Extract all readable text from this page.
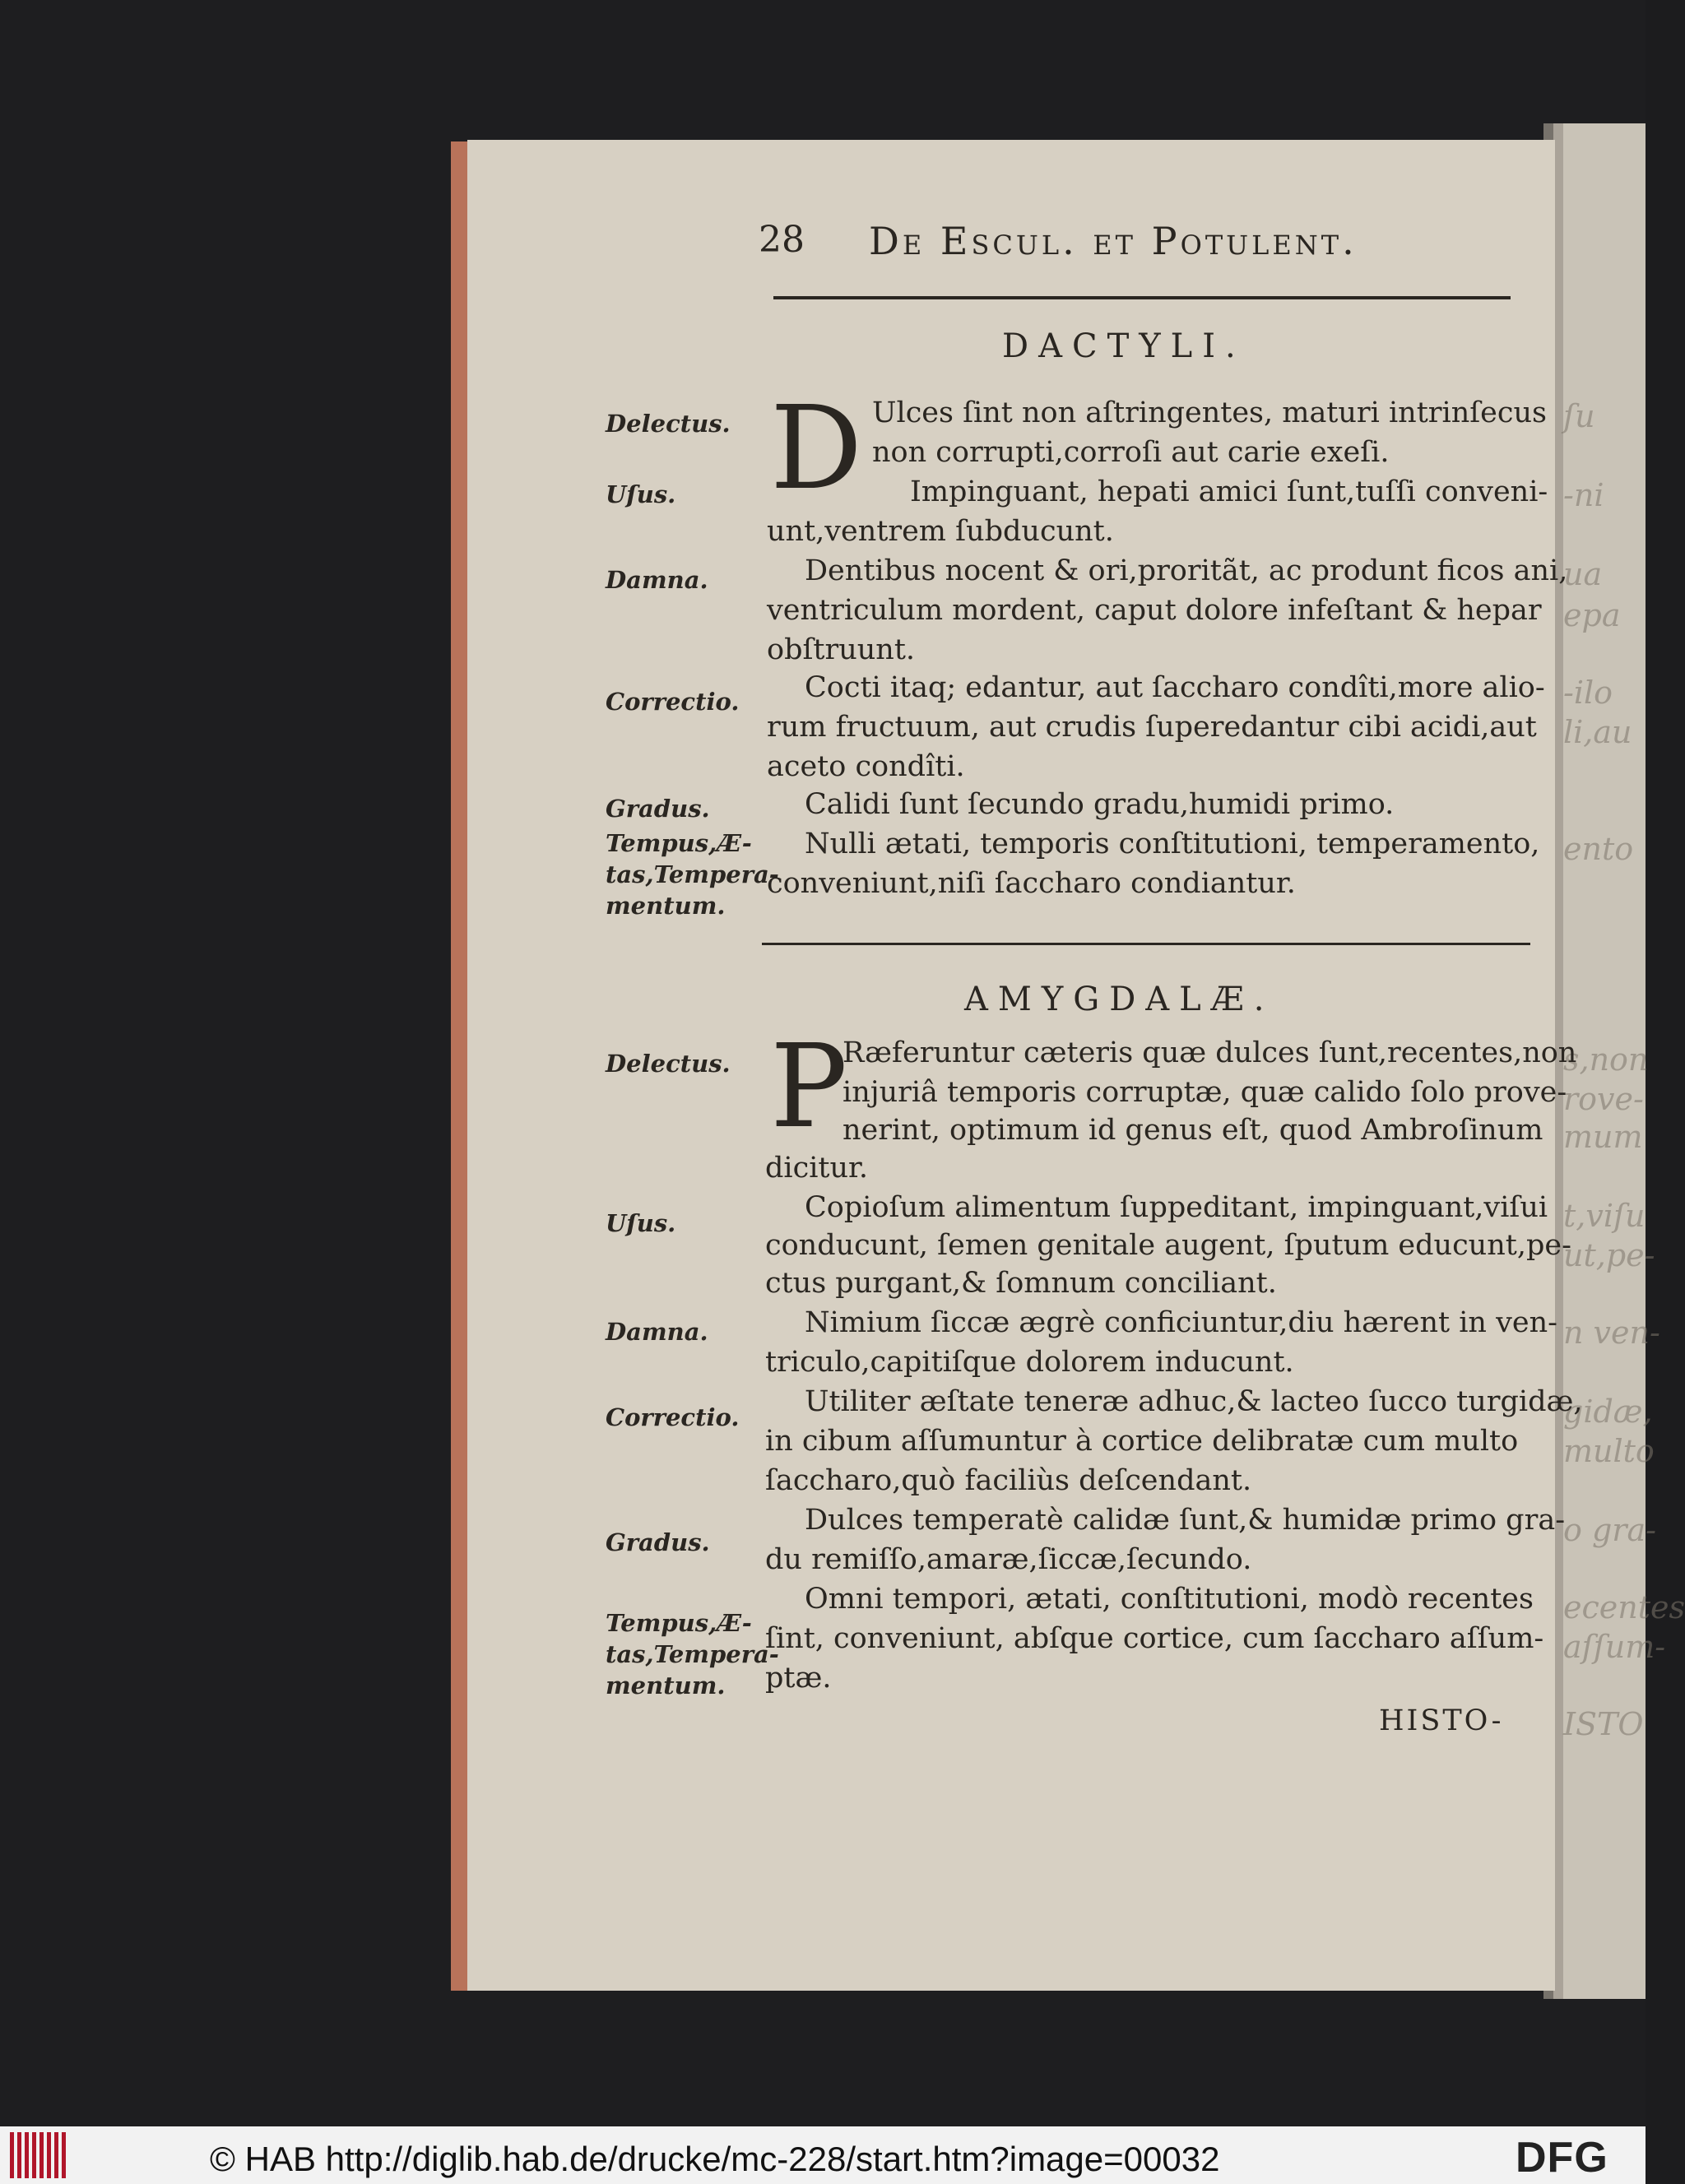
ſu
-ni
ua
epa
-ilo
li,au
ento
s,non
rove-
mum
t,viſu
ut,pe-
n ven-
gidæ,
multo
o gra-
ecentes
aſſum-
ISTO
28 De Escul. et Potulent.
DACTYLI.
D Ulces ſint non aſtringentes, maturi intrinſecus
non corrupti,corroſi aut carie exeſi.
Impinguant, hepati amici ſunt,tuſſi conveni-
unt,ventrem ſubducunt.
Dentibus nocent & ori,proritãt, ac produnt ficos ani,
ventriculum mordent, caput dolore infeſtant & hepar
obſtruunt.
Cocti itaq; edantur, aut ſaccharo condîti,more alio-
rum fructuum, aut crudis ſuperedantur cibi acidi,aut
aceto condîti.
Calidi ſunt ſecundo gradu,humidi primo.
Nulli ætati, temporis conſtitutioni, temperamento,
conveniunt,niſi ſaccharo condiantur.
Delectus.
Uſus.
Damna.
Correctio.
Gradus.
Tempus,Æ-
tas,Tempera-
mentum.
AMYGDALÆ.
P
Ræferuntur cæteris quæ dulces ſunt,recentes,non
injuriâ temporis corruptæ, quæ calido ſolo prove-
nerint, optimum id genus eſt, quod Ambroſinum
dicitur.
Copioſum alimentum ſuppeditant, impinguant,viſui
conducunt, ſemen genitale augent, ſputum educunt,pe-
ctus purgant,& ſomnum conciliant.
Nimium ſiccæ ægrè conficiuntur,diu hærent in ven-
triculo,capitiſque dolorem inducunt.
Utiliter æſtate teneræ adhuc,& lacteo ſucco turgidæ,
in cibum aſſumuntur à cortice delibratæ cum multo
ſaccharo,quò faciliùs deſcendant.
Dulces temperatè calidæ ſunt,& humidæ primo gra-
du remiſſo,amaræ,ſiccæ,ſecundo.
Omni tempori, ætati, conſtitutioni, modò recentes
ſint, conveniunt, abſque cortice, cum ſaccharo aſſum-
ptæ.
Delectus.
Uſus.
Damna.
Correctio.
Gradus.
Tempus,Æ-
tas,Tempera-
mentum.
HISTO-
© HAB http://diglib.hab.de/drucke/mc-228/start.htm?image=00032	DFG
